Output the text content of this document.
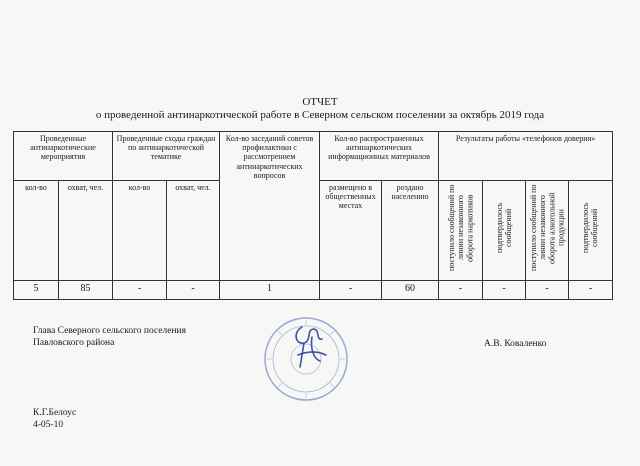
ОТЧЕТ
о проведенной антинаркотической работе в Северном сельском поселении за октябрь 2019 года
Проведенные антинаркотические мероприятия		Проведенные сходы граждан по антинаркотической тематике		Кол-во заседаний советов профилактики с рассмотрением антинаркотических вопросов	Кол-во распространенных антинаркотических информационных материалов		Результаты работы «телефонов доверия»			
кол-во	охват, чел.	кол-во	охват, чел.		размещено в общественных местах	роздано населению	поступило сообщений по линии незаконного оборота наркотиков	подтвердилось сообщений	поступило сообщений по линии незаконного оборота алкогольной продукции	подтвердилось сообщений

5	85	-	-	1	-	60	-	-	-	-
Глава Северного сельского поселения
Павловского района	А.В. Коваленко
К.Г.Белоус
4-05-10
